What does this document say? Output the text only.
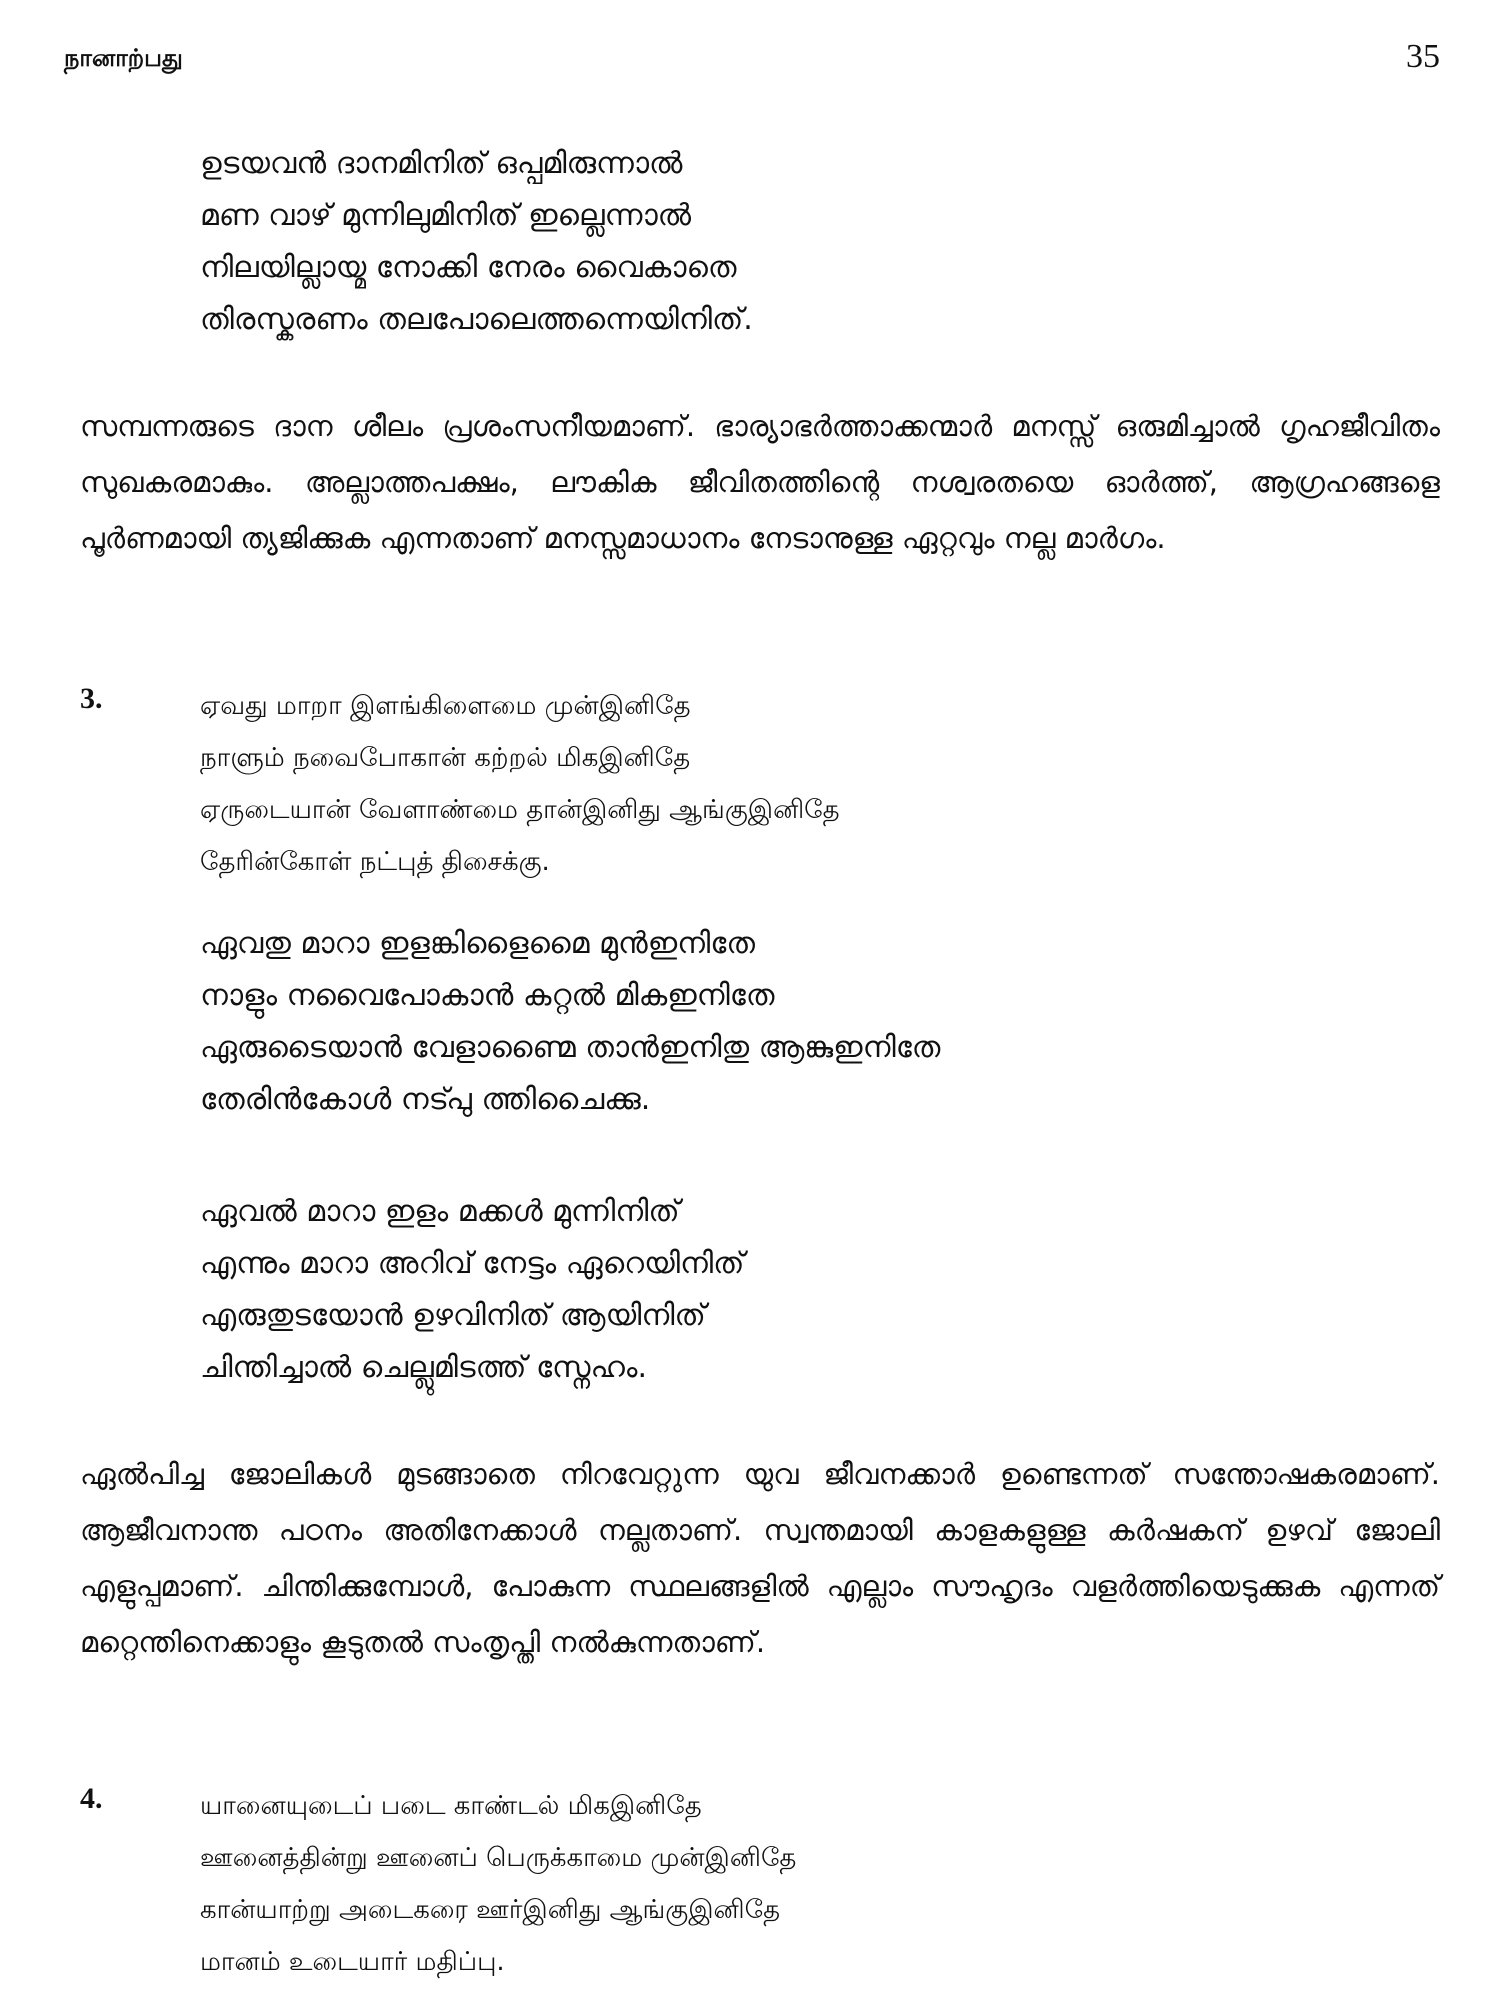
நானாற்பது	35
ഉടയവൻ ദാനമിനിത് ഒപ്പമിരുന്നാൽ
മണ വാഴ്‌ മുന്നിലുമിനിത് ഇല്ലെന്നാൽ
നിലയില്ലായ്മ നോക്കി നേരം വൈകാതെ
തിരസ്കരണം തലപോലെത്തന്നെയിനിത്.

സമ്പന്നരുടെ ദാന ശീലം പ്രശംസനീയമാണ്. ഭാര്യാഭർത്താക്കന്മാർ മനസ്സ് ഒരുമിച്ചാൽ ഗൃഹജീവിതം സുഖകരമാകും. അല്ലാത്തപക്ഷം, ലൗകിക ജീവിതത്തിന്റെ നശ്വരതയെ ഓർത്ത്, ആഗ്രഹങ്ങളെ പൂർണമായി ത്യജിക്കുക എന്നതാണ് മനസ്സമാധാനം നേടാനുള്ള ഏറ്റവും നല്ല മാർഗം.

3.	ஏவது மாறா இளங்கிளைமை முன்இனிதே
நாளும் நவைபோகான் கற்றல் மிகஇனிதே
ஏருடையான் வேளாண்மை தான்இனிது ஆங்குஇனிதே
தேரின்கோள் நட்புத் திசைக்கு.
ഏവതു മാറാ ഇളങ്കിളൈമൈ മുൻഇനിതേ
നാളും നവൈപോകാൻ കറ്റൽ മികഇനിതേ
ഏരുടൈയാൻ വേളാണ്മൈ താൻഇനിതു ആങ്കുഇനിതേ
തേരിൻകോൾ നട്പു ത്തിചൈക്കു.
ഏവൽ മാറാ ഇളം മക്കൾ മുന്നിനിത്
എന്നും മാറാ അറിവ് നേട്ടം ഏറെയിനിത്
എരുതുടയോൻ ഉഴവിനിത് ആയിനിത്
ചിന്തിച്ചാൽ ചെല്ലുമിടത്ത് സ്നേഹം.

ഏൽപിച്ച ജോലികൾ മുടങ്ങാതെ നിറവേറ്റുന്ന യുവ ജീവനക്കാർ ഉണ്ടെന്നത് സന്തോഷകരമാണ്. ആജീവനാന്ത പഠനം അതിനേക്കാൾ നല്ലതാണ്. സ്വന്തമായി കാളകളുള്ള കർഷകന് ഉഴവ് ജോലി എളുപ്പമാണ്. ചിന്തിക്കുമ്പോൾ, പോകുന്ന സ്ഥലങ്ങളിൽ എല്ലാം സൗഹൃദം വളർത്തിയെടുക്കുക എന്നത് മറ്റെന്തിനെക്കാളും കൂടുതൽ സംതൃപ്തി നൽകുന്നതാണ്.

4.	யானையுடைப் படை காண்டல் மிகஇனிதே
ஊனைத்தின்று ஊனைப் பெருக்காமை முன்இனிதே
கான்யாற்று அடைகரை ஊர்இனிது ஆங்குஇனிதே
மானம் உடையார் மதிப்பு.
